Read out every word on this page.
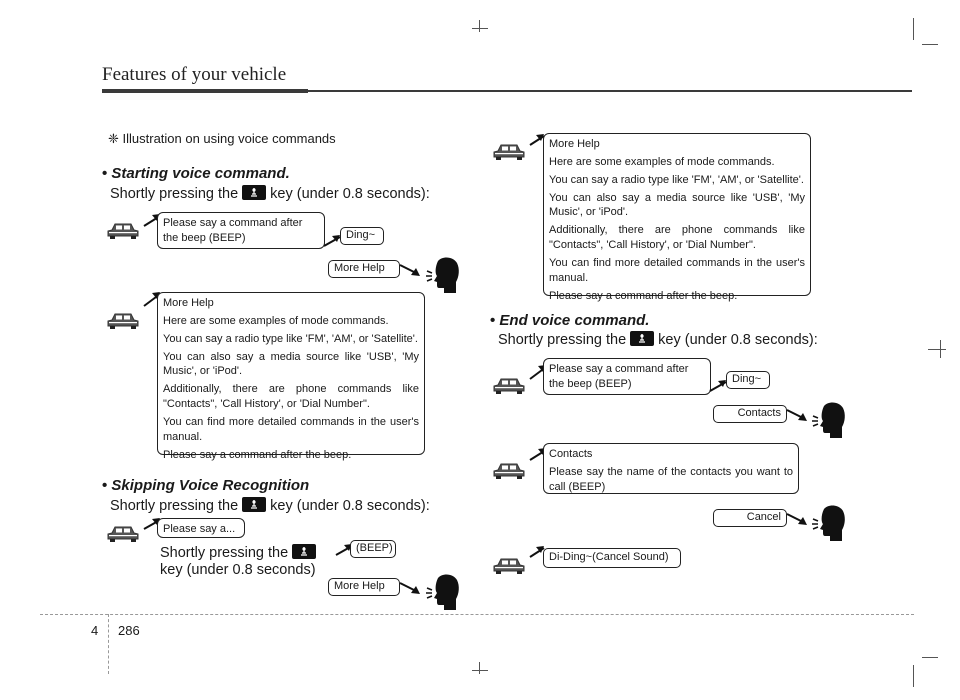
Features of your vehicle
❈ Illustration on using voice commands
• Starting voice command.
Shortly pressing the key (under 0.8 seconds):

Please say a command after the beep (BEEP)	Ding~
More Help

More Help

Here are some examples of mode commands.

You can say a radio type like 'FM', 'AM', or 'Satellite'.

You can also say a media source like 'USB', 'My Music', or 'iPod'.

Additionally, there are phone commands like "Contacts", 'Call History', or 'Dial Number".

You can find more detailed commands in the user's manual.

Please say a command after the beep.

• Skipping Voice Recognition
Shortly pressing the key (under 0.8 seconds):

Please say a...

Shortly pressing the

key (under 0.8 seconds)
(BEEP)
More Help

More Help

Here are some examples of mode commands.

You can say a radio type like 'FM', 'AM', or 'Satellite'.

You can also say a media source like 'USB', 'My Music', or 'iPod'.

Additionally, there are phone commands like "Contacts", 'Call History', or 'Dial Number".

You can find more detailed commands in the user's manual.

Please say a command after the beep.

• End voice command.
Shortly pressing the key (under 0.8 seconds):

Please say a command after the beep (BEEP)	Ding~
Contacts

Contacts

Please say the name of the contacts you want to call (BEEP)

Cancel
Di-Ding~(Cancel Sound)
4 286
